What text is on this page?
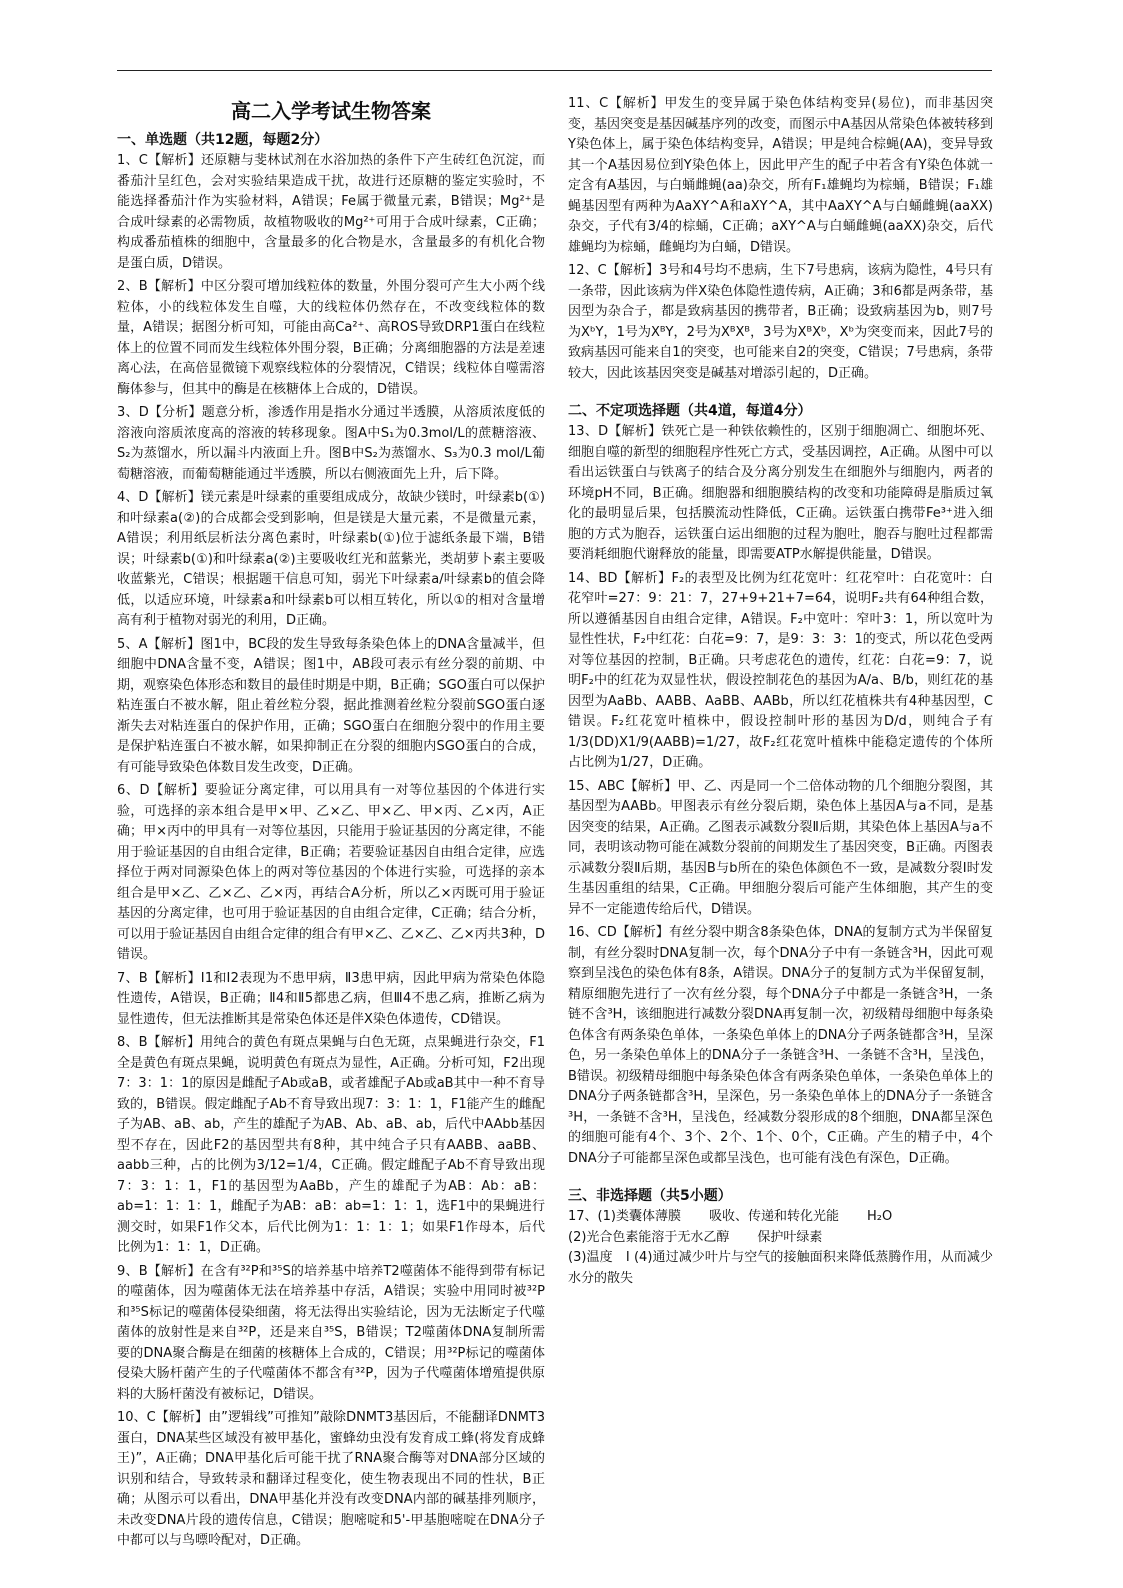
高二入学考试生物答案
一、单选题（共12题，每题2分）

1、C【解析】还原糖与斐林试剂在水浴加热的条件下产生砖红色沉淀，而番茄汁呈红色，会对实验结果造成干扰，故进行还原糖的鉴定实验时，不能选择番茄汁作为实验材料，A错误；Fe属于微量元素，B错误；Mg²⁺是合成叶绿素的必需物质，故植物吸收的Mg²⁺可用于合成叶绿素，C正确；构成番茄植株的细胞中，含量最多的化合物是水，含量最多的有机化合物是蛋白质，D错误。

2、B【解析】中区分裂可增加线粒体的数量，外围分裂可产生大小两个线粒体，小的线粒体发生自噬，大的线粒体仍然存在，不改变线粒体的数量，A错误；据图分析可知，可能由高Ca²⁺、高ROS导致DRP1蛋白在线粒体上的位置不同而发生线粒体外围分裂，B正确；分离细胞器的方法是差速离心法，在高倍显微镜下观察线粒体的分裂情况，C错误；线粒体自噬需溶酶体参与，但其中的酶是在核糖体上合成的，D错误。

3、D【分析】题意分析，渗透作用是指水分通过半透膜，从溶质浓度低的溶液向溶质浓度高的溶液的转移现象。图A中S₁为0.3mol/L的蔗糖溶液、S₂为蒸馏水，所以漏斗内液面上升。图B中S₂为蒸馏水、S₃为0.3 mol/L葡萄糖溶液，而葡萄糖能通过半透膜，所以右侧液面先上升，后下降。

4、D【解析】镁元素是叶绿素的重要组成成分，故缺少镁时，叶绿素b(①)和叶绿素a(②)的合成都会受到影响，但是镁是大量元素，不是微量元素，A错误；利用纸层析法分离色素时，叶绿素b(①)位于滤纸条最下端，B错误；叶绿素b(①)和叶绿素a(②)主要吸收红光和蓝紫光，类胡萝卜素主要吸收蓝紫光，C错误；根据题干信息可知，弱光下叶绿素a/叶绿素b的值会降低，以适应环境，叶绿素a和叶绿素b可以相互转化，所以①的相对含量增高有利于植物对弱光的利用，D正确。

5、A【解析】图1中，BC段的发生导致每条染色体上的DNA含量减半，但细胞中DNA含量不变，A错误；图1中，AB段可表示有丝分裂的前期、中期，观察染色体形态和数目的最佳时期是中期，B正确；SGO蛋白可以保护粘连蛋白不被水解，阻止着丝粒分裂，据此推测着丝粒分裂前SGO蛋白逐渐失去对粘连蛋白的保护作用，正确；SGO蛋白在细胞分裂中的作用主要是保护粘连蛋白不被水解，如果抑制正在分裂的细胞内SGO蛋白的合成，有可能导致染色体数目发生改变，D正确。

6、D【解析】要验证分离定律，可以用具有一对等位基因的个体进行实验，可选择的亲本组合是甲×甲、乙×乙、甲×乙、甲×丙、乙×丙，A正确；甲×丙中的甲具有一对等位基因，只能用于验证基因的分离定律，不能用于验证基因的自由组合定律，B正确；若要验证基因自由组合定律，应选择位于两对同源染色体上的两对等位基因的个体进行实验，可选择的亲本组合是甲×乙、乙×乙、乙×丙，再结合A分析，所以乙×丙既可用于验证基因的分离定律，也可用于验证基因的自由组合定律，C正确；结合分析，可以用于验证基因自由组合定律的组合有甲×乙、乙×乙、乙×丙共3种，D错误。

7、B【解析】Ⅰ1和Ⅰ2表现为不患甲病，Ⅱ3患甲病，因此甲病为常染色体隐性遗传，A错误，B正确；Ⅱ4和Ⅱ5都患乙病，但Ⅲ4不患乙病，推断乙病为显性遗传，但无法推断其是常染色体还是伴X染色体遗传，CD错误。

8、B【解析】用纯合的黄色有斑点果蝇与白色无斑，点果蝇进行杂交，F1全是黄色有斑点果蝇，说明黄色有斑点为显性，A正确。分析可知，F2出现7：3：1：1的原因是雌配子Ab或aB，或者雄配子Ab或aB其中一种不育导致的，B错误。假定雌配子Ab不育导致出现7：3：1：1，F1能产生的雌配子为AB、aB、ab，产生的雄配子为AB、Ab、aB、ab，后代中AAbb基因型不存在，因此F2的基因型共有8种，其中纯合子只有AABB、aaBB、aabb三种，占的比例为3/12=1/4，C正确。假定雌配子Ab不育导致出现7：3：1：1，F1的基因型为AaBb，产生的雄配子为AB：Ab：aB：ab=1：1：1：1，雌配子为AB：aB：ab=1：1：1，选F1中的果蝇进行测交时，如果F1作父本，后代比例为1：1：1：1；如果F1作母本，后代比例为1：1：1，D正确。

9、B【解析】在含有³²P和³⁵S的培养基中培养T2噬菌体不能得到带有标记的噬菌体，因为噬菌体无法在培养基中存活，A错误；实验中用同时被³²P和³⁵S标记的噬菌体侵染细菌，将无法得出实验结论，因为无法断定子代噬菌体的放射性是来自³²P，还是来自³⁵S，B错误；T2噬菌体DNA复制所需要的DNA聚合酶是在细菌的核糖体上合成的，C错误；用³²P标记的噬菌体侵染大肠杆菌产生的子代噬菌体不都含有³²P，因为子代噬菌体增殖提供原料的大肠杆菌没有被标记，D错误。

10、C【解析】由”逻辑线”可推知”敲除DNMT3基因后，不能翻译DNMT3蛋白，DNA某些区域没有被甲基化，蜜蜂幼虫没有发育成工蜂(将发育成蜂王)”，A正确；DNA甲基化后可能干扰了RNA聚合酶等对DNA部分区域的识别和结合，导致转录和翻译过程变化，使生物表现出不同的性状，B正确；从图示可以看出，DNA甲基化并没有改变DNA内部的碱基排列顺序，未改变DNA片段的遗传信息，C错误；胞嘧啶和5'-甲基胞嘧啶在DNA分子中都可以与鸟嘌呤配对，D正确。

11、C【解析】甲发生的变异属于染色体结构变异(易位)，而非基因突变，基因突变是基因碱基序列的改变，而图示中A基因从常染色体被转移到Y染色体上，属于染色体结构变异，A错误；甲是纯合棕蝇(AA)，变异导致其一个A基因易位到Y染色体上，因此甲产生的配子中若含有Y染色体就一定含有A基因，与白蛹雌蝇(aa)杂交，所有F₁雄蝇均为棕蛹，B错误；F₁雄蝇基因型有两种为AaXY^A和aXY^A，其中AaXY^A与白蛹雌蝇(aaXX)杂交，子代有3/4的棕蛹，C正确；aXY^A与白蛹雌蝇(aaXX)杂交，后代雄蝇均为棕蛹，雌蝇均为白蛹，D错误。

12、C【解析】3号和4号均不患病，生下7号患病，该病为隐性，4号只有一条带，因此该病为伴X染色体隐性遗传病，A正确；3和6都是两条带，基因型为杂合子，都是致病基因的携带者，B正确；设致病基因为b，则7号为XᵇY，1号为XᴮY，2号为XᴮXᴮ，3号为XᴮXᵇ，Xᵇ为突变而来，因此7号的致病基因可能来自1的突变，也可能来自2的突变，C错误；7号患病，条带较大，因此该基因突变是碱基对增添引起的，D正确。

二、不定项选择题（共4道，每道4分）

13、D【解析】铁死亡是一种铁依赖性的，区别于细胞凋亡、细胞坏死、细胞自噬的新型的细胞程序性死亡方式，受基因调控，A正确。从图中可以看出运铁蛋白与铁离子的结合及分离分别发生在细胞外与细胞内，两者的环境pH不同，B正确。细胞器和细胞膜结构的改变和功能障碍是脂质过氧化的最明显后果，包括膜流动性降低，C正确。运铁蛋白携带Fe³⁺进入细胞的方式为胞吞，运铁蛋白运出细胞的过程为胞吐，胞吞与胞吐过程都需要消耗细胞代谢释放的能量，即需要ATP水解提供能量，D错误。

14、BD【解析】F₂的表型及比例为红花宽叶：红花窄叶：白花宽叶：白花窄叶=27：9：21：7，27+9+21+7=64，说明F₂共有64种组合数，所以遵循基因自由组合定律，A错误。F₂中宽叶：窄叶3：1，所以宽叶为显性性状，F₂中红花：白花=9：7，是9：3：3：1的变式，所以花色受两对等位基因的控制，B正确。只考虑花色的遗传，红花：白花=9：7，说明F₂中的红花为双显性状，假设控制花色的基因为A/a、B/b，则红花的基因型为AaBb、AABB、AaBB、AABb，所以红花植株共有4种基因型，C错误。F₂红花宽叶植株中，假设控制叶形的基因为D/d，则纯合子有1/3(DD)X1/9(AABB)=1/27，故F₂红花宽叶植株中能稳定遗传的个体所占比例为1/27，D正确。

15、ABC【解析】甲、乙、丙是同一个二倍体动物的几个细胞分裂图，其基因型为AABb。甲图表示有丝分裂后期，染色体上基因A与a不同，是基因突变的结果，A正确。乙图表示减数分裂Ⅱ后期，其染色体上基因A与a不同，表明该动物可能在减数分裂前的间期发生了基因突变，B正确。丙图表示减数分裂Ⅱ后期，基因B与b所在的染色体颜色不一致，是减数分裂Ⅰ时发生基因重组的结果，C正确。甲细胞分裂后可能产生体细胞，其产生的变异不一定能遗传给后代，D错误。

16、CD【解析】有丝分裂中期含8条染色体，DNA的复制方式为半保留复制，有丝分裂时DNA复制一次，每个DNA分子中有一条链含³H，因此可观察到呈浅色的染色体有8条，A错误。DNA分子的复制方式为半保留复制，精原细胞先进行了一次有丝分裂，每个DNA分子中都是一条链含³H，一条链不含³H，该细胞进行减数分裂DNA再复制一次，初级精母细胞中每条染色体含有两条染色单体，一条染色单体上的DNA分子两条链都含³H，呈深色，另一条染色单体上的DNA分子一条链含³H、一条链不含³H，呈浅色，B错误。初级精母细胞中每条染色体含有两条染色单体，一条染色单体上的DNA分子两条链都含³H，呈深色，另一条染色单体上的DNA分子一条链含³H，一条链不含³H，呈浅色，经减数分裂形成的8个细胞，DNA都呈深色的细胞可能有4个、3个、2个、1个、0个，C正确。产生的精子中，4个DNA分子可能都呈深色或都呈浅色，也可能有浅色有深色，D正确。

三、非选择题（共5小题）

17、(1)类囊体薄膜 吸收、传递和转化光能 H₂O

(2)光合色素能溶于无水乙醇 保护叶绿素

(3)温度　Ⅰ (4)通过减少叶片与空气的接触面积来降低蒸腾作用，从而减少水分的散失
